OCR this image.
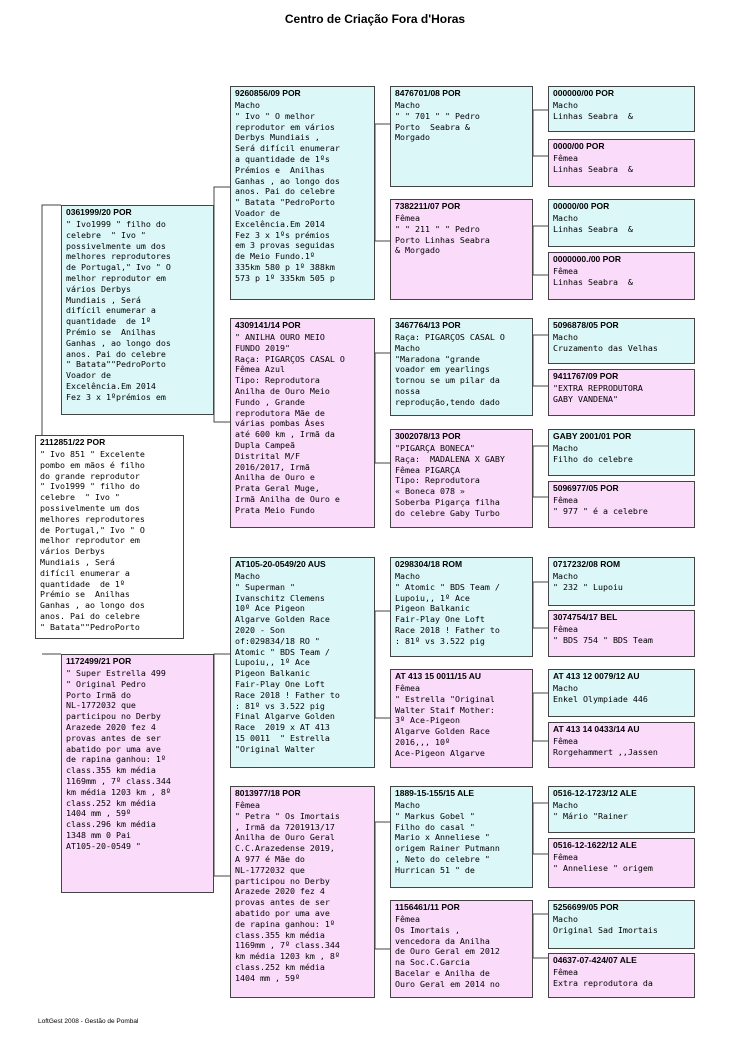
Centro de Criação Fora d'Horas
2112851/22 POR
" Ivo 851 " Excelente
pombo em mãos é filho
do grande reprodutor
" Ivo1999 " filho do
celebre  " Ivo "
possivelmente um dos
melhores reprodutores
de Portugal," Ivo " O
melhor reprodutor em
vários Derbys
Mundiais , Será
difícil enumerar a
quantidade  de 1º
Prémio se  Anilhas
Ganhas , ao longo dos
anos. Pai do celebre
" Batata""PedroPorto
0361999/20 POR
" Ivo1999 " filho do
celebre  " Ivo "
possivelmente um dos
melhores reprodutores
de Portugal," Ivo " O
melhor reprodutor em
vários Derbys
Mundiais , Será
difícil enumerar a
quantidade  de 1º
Prémio se  Anilhas
Ganhas , ao longo dos
anos. Pai do celebre
" Batata""PedroPorto
Voador de
Excelência.Em 2014
Fez 3 x 1ºprémios em
1172499/21 POR
" Super Estrella 499
" Original Pedro
Porto Irmã do
NL-1772032 que
participou no Derby
Arazede 2020 fez 4
provas antes de ser
abatido por uma ave
de rapina ganhou: 1º
class.355 km média
1169mm , 7º class.344
km média 1203 km , 8º
class.252 km média
1404 mm , 59º
class.296 km média
1348 mm 0 Pai
AT105-20-0549 "
9260856/09 POR
Macho
" Ivo " O melhor
reprodutor em vários
Derbys Mundiais ,
Será difícil enumerar
a quantidade de 1ºs
Prémios e  Anilhas
Ganhas , ao longo dos
anos. Pai do celebre
" Batata "PedroPorto
Voador de
Excelência.Em 2014
Fez 3 x 1ºs prémios
em 3 provas seguidas
de Meio Fundo.1º
335km 580 p 1º 388km
573 p 1º 335km 505 p
4309141/14 POR
" ANILHA OURO MEIO
FUNDO 2019"
Raça: PIGARÇOS CASAL O
Fêmea Azul
Tipo: Reprodutora
Anilha de Ouro Meio
Fundo , Grande
reprodutora Mãe de
várias pombas Áses
até 600 km , Irmã da
Dupla Campeã
Distrital M/F
2016/2017, Irmã
Anilha de Ouro e
Prata Geral Muge,
Irmã Anilha de Ouro e
Prata Meio Fundo
AT105-20-0549/20 AUS
Macho
" Superman "
Ivanschitz Clemens
10º Ace Pigeon
Algarve Golden Race
2020 - Son
of:029834/18 RO "
Atomic " BDS Team /
Lupoiu,, 1º Ace
Pigeon Balkanic
Fair-Play One Loft
Race 2018 ! Father to
: 81º vs 3.522 pig
Final Algarve Golden
Race  2019 x AT 413
15 0011  " Estrella
"Original Walter
8013977/18 POR
Fêmea
" Petra " Os Imortais
, Irmã da 7201913/17
Anilha de Ouro Geral
C.C.Arazedense 2019,
A 977 é Mãe do
NL-1772032 que
participou no Derby
Arazede 2020 fez 4
provas antes de ser
abatido por uma ave
de rapina ganhou: 1º
class.355 km média
1169mm , 7º class.344
km média 1203 km , 8º
class.252 km média
1404 mm , 59º
8476701/08 POR
Macho
" " 701 " " Pedro
Porto  Seabra &
Morgado
7382211/07 POR
Fêmea
" " 211 " " Pedro
Porto Linhas Seabra
& Morgado
3467764/13 POR
Raça: PIGARÇOS CASAL O
Macho
"Maradona "grande
voador em yearlings
tornou se um pilar da
nossa
reprodução,tendo dado
3002078/13 POR
"PIGARÇA BONECA"
Raça:  MADALENA X GABY
Fêmea PIGARÇA
Tipo: Reprodutora
« Boneca 078 »
Soberba Pigarça filha
do celebre Gaby Turbo
0298304/18 ROM
Macho
" Atomic " BDS Team /
Lupoiu,, 1º Ace
Pigeon Balkanic
Fair-Play One Loft
Race 2018 ! Father to
: 81º vs 3.522 pig
AT 413 15 0011/15 AU
Fêmea
" Estrella "Original
Walter Staif Mother:
3º Ace-Pigeon
Algarve Golden Race
2016,,, 10º
Ace-Pigeon Algarve
1889-15-155/15 ALE
Macho
" Markus Gobel "
Filho do casal "
Mario x Anneliese "
origem Rainer Putmann
, Neto do celebre "
Hurrican 51 " de
1156461/11 POR
Fêmea
Os Imortais ,
vencedora da Anilha
de Ouro Geral em 2012
na Soc.C.Garcia
Bacelar e Anilha de
Ouro Geral em 2014 no
000000/00 POR
Macho
Linhas Seabra  &
0000/00 POR
Fêmea
Linhas Seabra  &
00000/00 POR
Macho
Linhas Seabra  &
0000000./00 POR
Fêmea
Linhas Seabra  &
5096878/05 POR
Macho
Cruzamento das Velhas
9411767/09 POR
"EXTRA REPRODUTORA
GABY VANDENA"
GABY 2001/01 POR
Macho
Filho do celebre
5096977/05 POR
Fêmea
" 977 " é a celebre
0717232/08 ROM
Macho
" 232 " Lupoiu
3074754/17 BEL
Fêmea
" BDS 754 " BDS Team
AT 413 12 0079/12 AU
Macho
Enkel Olympiade 446
AT 413 14 0433/14 AU
Fêmea
Rorgehammert ,,Jassen
0516-12-1723/12 ALE
Macho
" Mário "Rainer
0516-12-1622/12 ALE
Fêmea
" Anneliese " origem
5256699/05 POR
Macho
Original Sad Imortais
04637-07-424/07 ALE
Fêmea
Extra reprodutora da
LoftGest 2008 - Gestão de Pombal
